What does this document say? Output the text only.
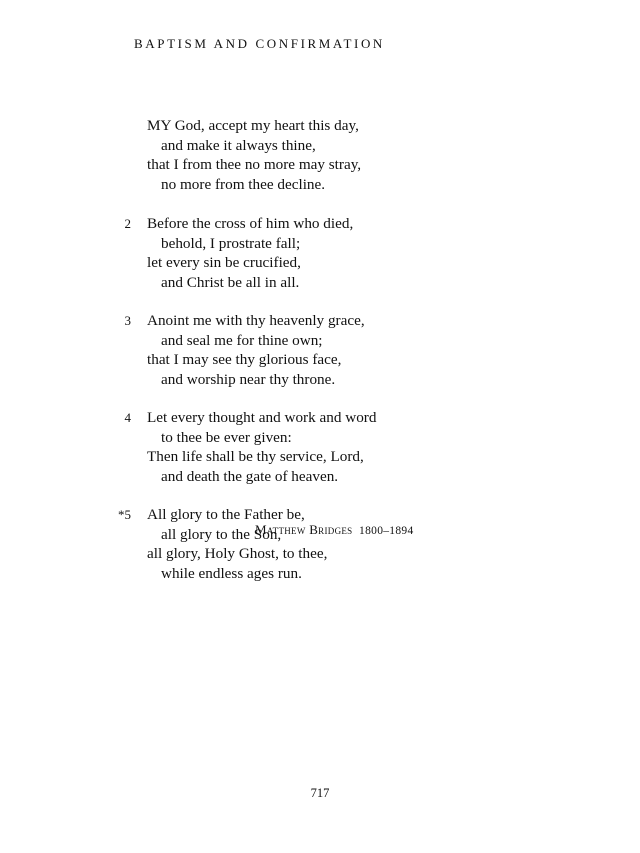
BAPTISM AND CONFIRMATION
MY God, accept my heart this day,
and make it always thine,
that I from thee no more may stray,
no more from thee decline.
2	Before the cross of him who died,
behold, I prostrate fall;
let every sin be crucified,
and Christ be all in all.
3	Anoint me with thy heavenly grace,
and seal me for thine own;
that I may see thy glorious face,
and worship near thy throne.
4	Let every thought and work and word
to thee be ever given:
Then life shall be thy service, Lord,
and death the gate of heaven.
*5	All glory to the Father be,
all glory to the Son,
all glory, Holy Ghost, to thee,
while endless ages run.
Matthew Bridges 1800–1894
717
